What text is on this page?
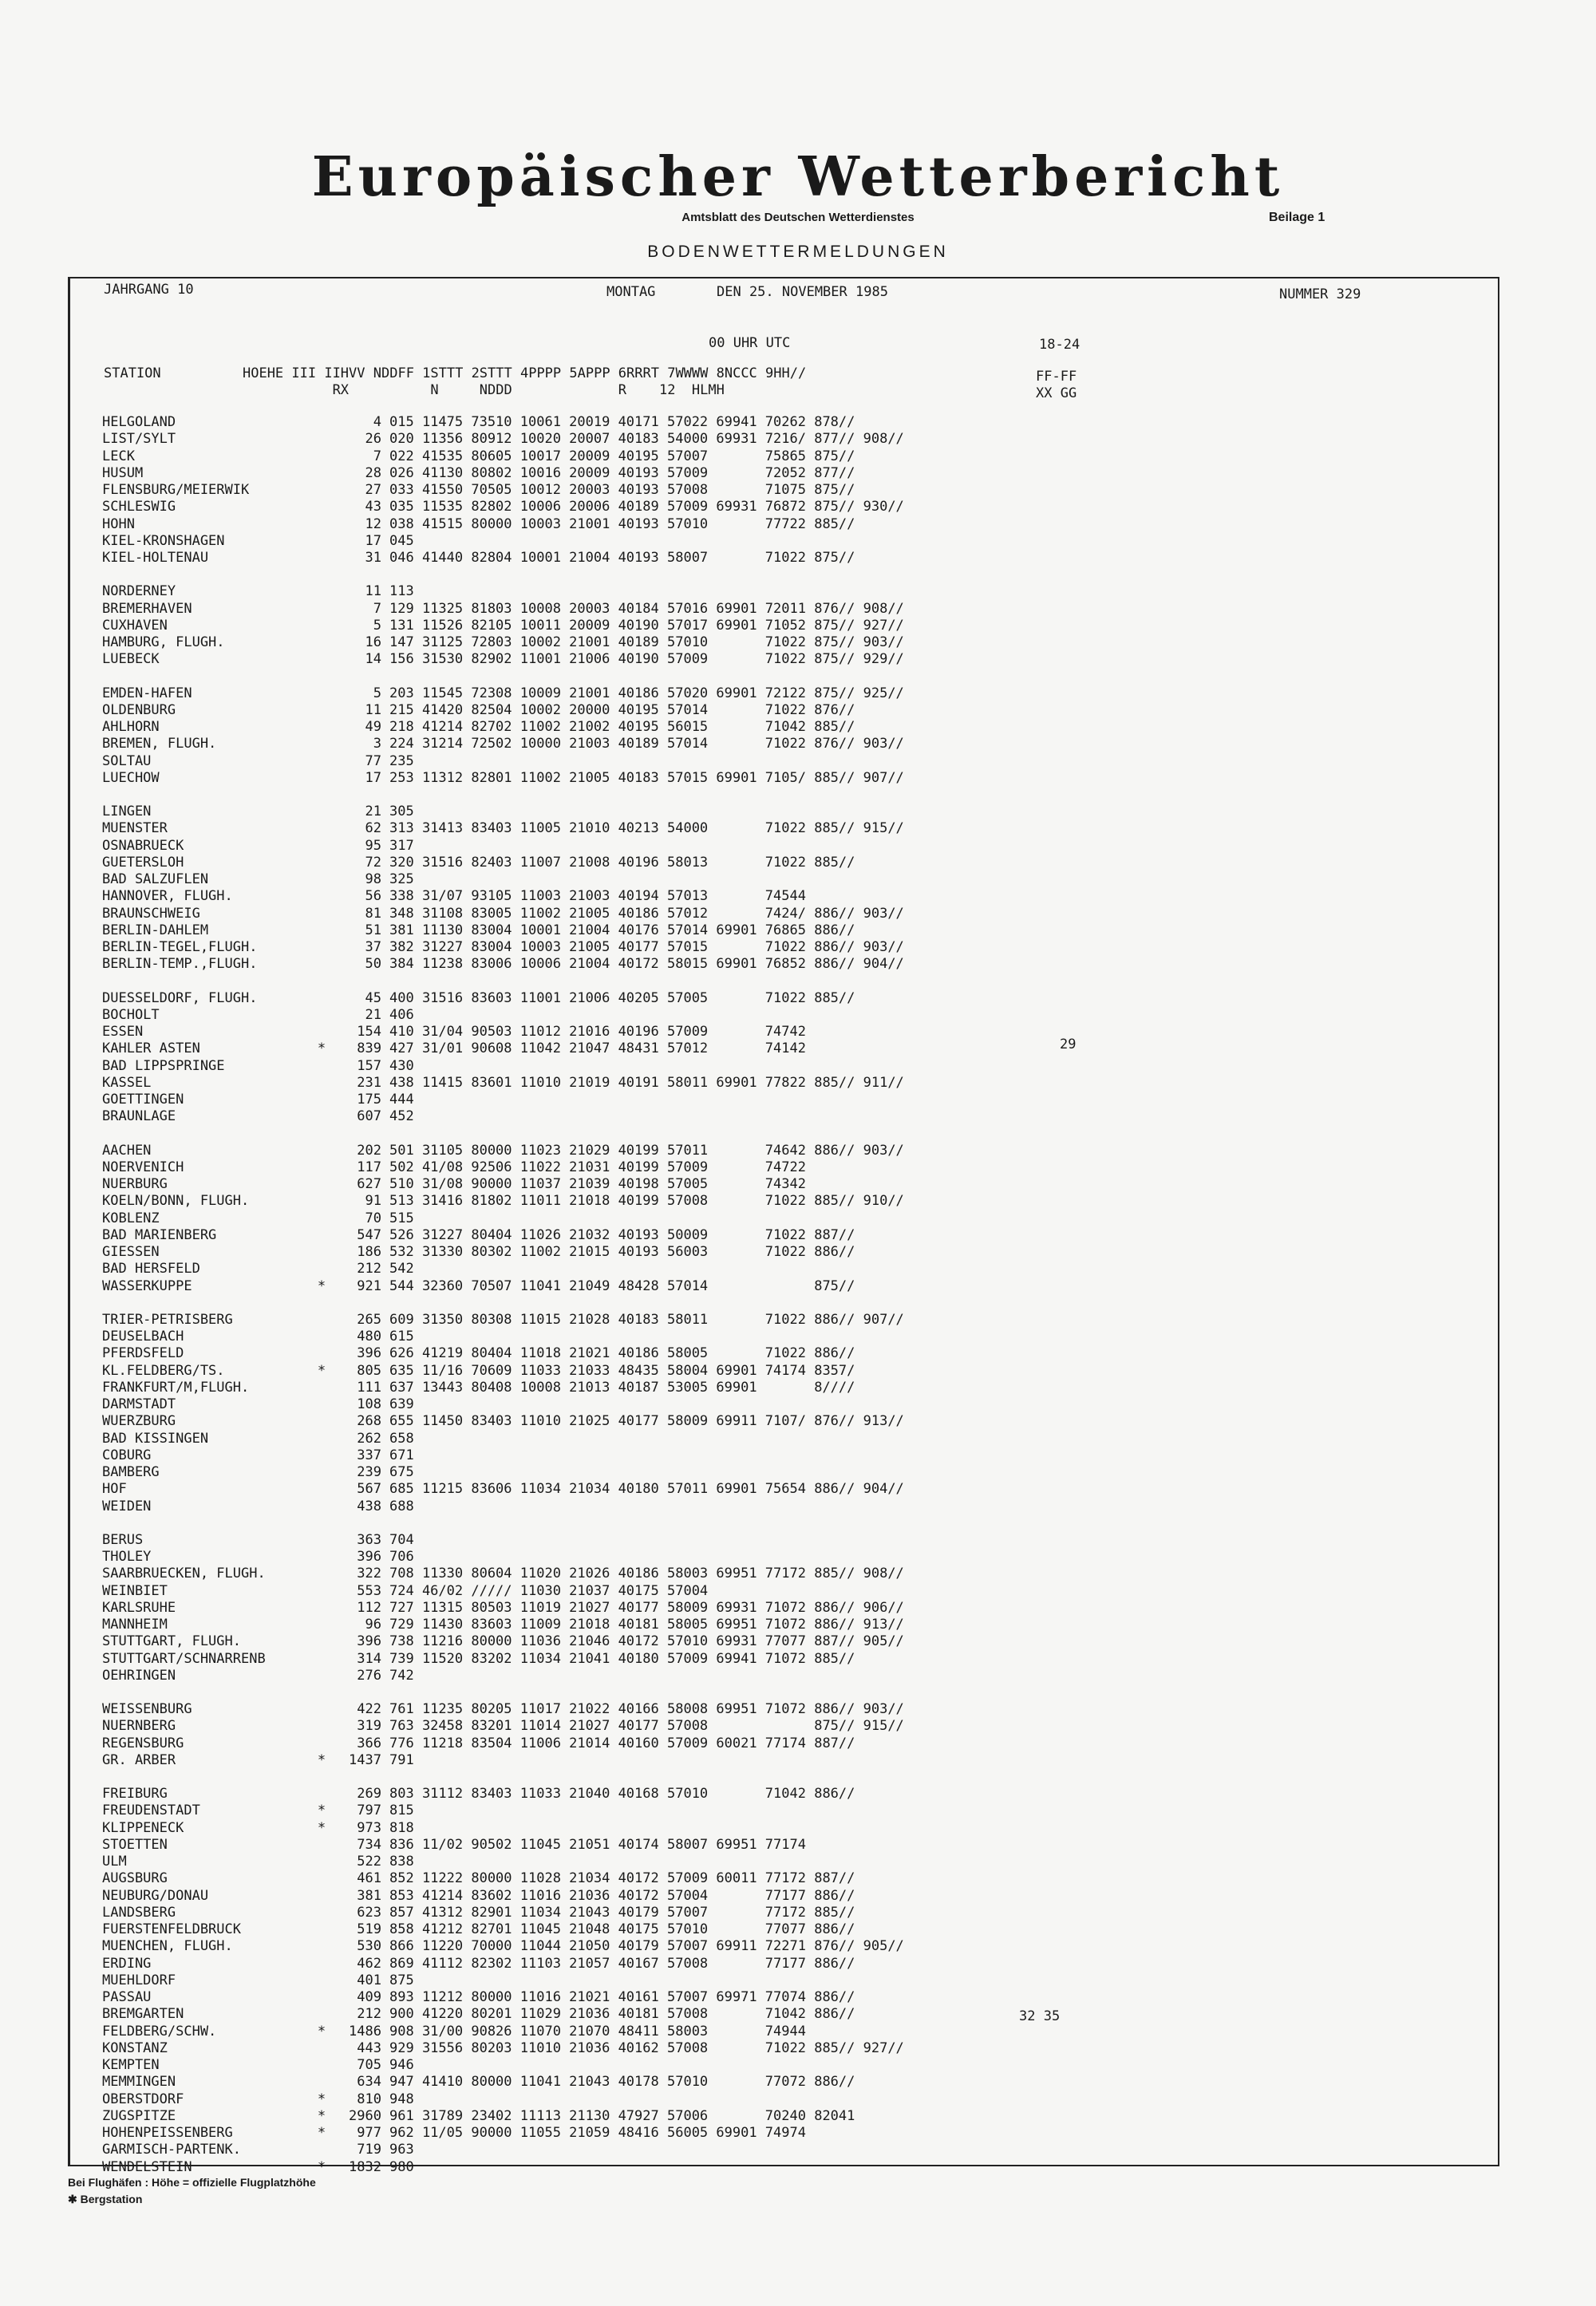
Europäischer Wetterbericht
Amtsblatt des Deutschen Wetterdienstes	Beilage 1
BODENWETTERMELDUNGEN
JAHRGANG 10	MONTAG	DEN 25. NOVEMBER 1985	NUMMER 329
00 UHR UTC	18-24
STATION          HOEHE III IIHVV NDDFF 1STTT 2STTT 4PPPP 5APPP 6RRRT 7WWWW 8NCCC 9HH//
RX          N     NDDD             R    12  HLMH
FF-FF
XX GG
HELGOLAND	4 015 11475 73510 10061 20019 40171 57022 69941 70262 878//
LIST/SYLT	26 020 11356 80912 10020 20007 40183 54000 69931 7216/ 877// 908//
LECK	7 022 41535 80605 10017 20009 40195 57007       75865 875//
HUSUM	28 026 41130 80802 10016 20009 40193 57009       72052 877//
FLENSBURG/MEIERWIK	27 033 41550 70505 10012 20003 40193 57008       71075 875//
SCHLESWIG	43 035 11535 82802 10006 20006 40189 57009 69931 76872 875// 930//
HOHN	12 038 41515 80000 10003 21001 40193 57010       77722 885//
KIEL-KRONSHAGEN	17 045
KIEL-HOLTENAU	31 046 41440 82804 10001 21004 40193 58007       71022 875//
NORDERNEY	11 113
BREMERHAVEN	7 129 11325 81803 10008 20003 40184 57016 69901 72011 876// 908//
CUXHAVEN	5 131 11526 82105 10011 20009 40190 57017 69901 71052 875// 927//
HAMBURG, FLUGH.	16 147 31125 72803 10002 21001 40189 57010       71022 875// 903//
LUEBECK	14 156 31530 82902 11001 21006 40190 57009       71022 875// 929//
EMDEN-HAFEN	5 203 11545 72308 10009 21001 40186 57020 69901 72122 875// 925//
OLDENBURG	11 215 41420 82504 10002 20000 40195 57014       71022 876//
AHLHORN	49 218 41214 82702 11002 21002 40195 56015       71042 885//
BREMEN, FLUGH.	3 224 31214 72502 10000 21003 40189 57014       71022 876// 903//
SOLTAU	77 235
LUECHOW	17 253 11312 82801 11002 21005 40183 57015 69901 7105/ 885// 907//
LINGEN	21 305
MUENSTER	62 313 31413 83403 11005 21010 40213 54000       71022 885// 915//
OSNABRUECK	95 317
GUETERSLOH	72 320 31516 82403 11007 21008 40196 58013       71022 885//
BAD SALZUFLEN	98 325
HANNOVER, FLUGH.	56 338 31/07 93105 11003 21003 40194 57013       74544
BRAUNSCHWEIG	81 348 31108 83005 11002 21005 40186 57012       7424/ 886// 903//
BERLIN-DAHLEM	51 381 11130 83004 10001 21004 40176 57014 69901 76865 886//
BERLIN-TEGEL,FLUGH.	37 382 31227 83004 10003 21005 40177 57015       71022 886// 903//
BERLIN-TEMP.,FLUGH.	50 384 11238 83006 10006 21004 40172 58015 69901 76852 886// 904//
DUESSELDORF, FLUGH.	45 400 31516 83603 11001 21006 40205 57005       71022 885//
BOCHOLT	21 406
ESSEN	154 410 31/04 90503 11012 21016 40196 57009       74742
KAHLER ASTEN	*	839 427 31/01 90608 11042 21047 48431 57012       74142
BAD LIPPSPRINGE	157 430
KASSEL	231 438 11415 83601 11010 21019 40191 58011 69901 77822 885// 911//
GOETTINGEN	175 444
BRAUNLAGE	607 452
AACHEN	202 501 31105 80000 11023 21029 40199 57011       74642 886// 903//
NOERVENICH	117 502 41/08 92506 11022 21031 40199 57009       74722
NUERBURG	627 510 31/08 90000 11037 21039 40198 57005       74342
KOELN/BONN, FLUGH.	91 513 31416 81802 11011 21018 40199 57008       71022 885// 910//
KOBLENZ	70 515
BAD MARIENBERG	547 526 31227 80404 11026 21032 40193 50009       71022 887//
GIESSEN	186 532 31330 80302 11002 21015 40193 56003       71022 886//
BAD HERSFELD	212 542
WASSERKUPPE	*	921 544 32360 70507 11041 21049 48428 57014             875//
TRIER-PETRISBERG	265 609 31350 80308 11015 21028 40183 58011       71022 886// 907//
DEUSELBACH	480 615
PFERDSFELD	396 626 41219 80404 11018 21021 40186 58005       71022 886//
KL.FELDBERG/TS.	*	805 635 11/16 70609 11033 21033 48435 58004 69901 74174 8357/
FRANKFURT/M,FLUGH.	111 637 13443 80408 10008 21013 40187 53005 69901       8////
DARMSTADT	108 639
WUERZBURG	268 655 11450 83403 11010 21025 40177 58009 69911 7107/ 876// 913//
BAD KISSINGEN	262 658
COBURG	337 671
BAMBERG	239 675
HOF	567 685 11215 83606 11034 21034 40180 57011 69901 75654 886// 904//
WEIDEN	438 688
BERUS	363 704
THOLEY	396 706
SAARBRUECKEN, FLUGH.	322 708 11330 80604 11020 21026 40186 58003 69951 77172 885// 908//
WEINBIET	553 724 46/02 ///// 11030 21037 40175 57004
KARLSRUHE	112 727 11315 80503 11019 21027 40177 58009 69931 71072 886// 906//
MANNHEIM	96 729 11430 83603 11009 21018 40181 58005 69951 71072 886// 913//
STUTTGART, FLUGH.	396 738 11216 80000 11036 21046 40172 57010 69931 77077 887// 905//
STUTTGART/SCHNARRENB	314 739 11520 83202 11034 21041 40180 57009 69941 71072 885//
OEHRINGEN	276 742
WEISSENBURG	422 761 11235 80205 11017 21022 40166 58008 69951 71072 886// 903//
NUERNBERG	319 763 32458 83201 11014 21027 40177 57008             875// 915//
REGENSBURG	366 776 11218 83504 11006 21014 40160 57009 60021 77174 887//
GR. ARBER	*	1437 791
FREIBURG	269 803 31112 83403 11033 21040 40168 57010       71042 886//
FREUDENSTADT	*	797 815
KLIPPENECK	*	973 818
STOETTEN	734 836 11/02 90502 11045 21051 40174 58007 69951 77174
ULM	522 838
AUGSBURG	461 852 11222 80000 11028 21034 40172 57009 60011 77172 887//
NEUBURG/DONAU	381 853 41214 83602 11016 21036 40172 57004       77177 886//
LANDSBERG	623 857 41312 82901 11034 21043 40179 57007       77172 885//
FUERSTENFELDBRUCK	519 858 41212 82701 11045 21048 40175 57010       77077 886//
MUENCHEN, FLUGH.	530 866 11220 70000 11044 21050 40179 57007 69911 72271 876// 905//
ERDING	462 869 41112 82302 11103 21057 40167 57008       77177 886//
MUEHLDORF	401 875
PASSAU	409 893 11212 80000 11016 21021 40161 57007 69971 77074 886//
BREMGARTEN	212 900 41220 80201 11029 21036 40181 57008       71042 886//
FELDBERG/SCHW.	*	1486 908 31/00 90826 11070 21070 48411 58003       74944
KONSTANZ	443 929 31556 80203 11010 21036 40162 57008       71022 885// 927//
KEMPTEN	705 946
MEMMINGEN	634 947 41410 80000 11041 21043 40178 57010       77072 886//
OBERSTDORF	*	810 948
ZUGSPITZE	*	2960 961 31789 23402 11113 21130 47927 57006       70240 82041
HOHENPEISSENBERG	*	977 962 11/05 90000 11055 21059 48416 56005 69901 74974
GARMISCH-PARTENK.	719 963
WENDELSTEIN	*	1832 980
29
32 35
Bei Flughäfen : Höhe = offizielle Flugplatzhöhe
✱ Bergstation
